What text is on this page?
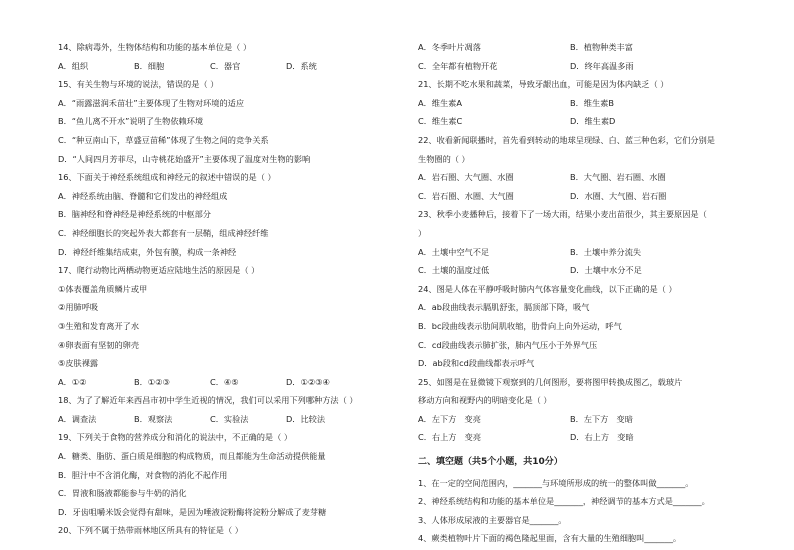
14、除病毒外，生物体结构和功能的基本单位是（ ）
A．组织	B．细胞	C．器官	D．系统
15、有关生物与环境的说法，错误的是（ ）
A．“雨露滋润禾苗壮”主要体现了生物对环境的适应
B．“鱼儿离不开水”说明了生物依赖环境
C．“种豆南山下，草盛豆苗稀”体现了生物之间的竞争关系
D．“人间四月芳菲尽，山寺桃花始盛开”主要体现了温度对生物的影响
16、下面关于神经系统组成和神经元的叙述中错误的是（ ）
A．神经系统由脑、脊髓和它们发出的神经组成
B．脑神经和脊神经是神经系统的中枢部分
C．神经细胞长的突起外表大都套有一层鞘，组成神经纤维
D．神经纤维集结成束，外包有膜，构成一条神经
17、爬行动物比两栖动物更适应陆地生活的原因是（ ）
①体表覆盖角质鳞片或甲
②用肺呼吸
③生殖和发育离开了水
④卵表面有坚韧的卵壳
⑤皮肤裸露
A．①②	B．①②③	C．④⑤	D．①②③④
18、为了了解近年来西昌市初中学生近视的情况，我们可以采用下列哪种方法（ ）
A．调查法	B．观察法	C．实验法	D．比较法
19、下列关于食物的营养成分和消化的说法中，不正确的是（ ）
A．糖类、脂肪、蛋白质是细胞的构成物质，而且都能为生命活动提供能量
B．胆汁中不含消化酶，对食物的消化不起作用
C．胃液和肠液都能参与牛奶的消化
D．牙齿咀嚼米饭会觉得有甜味，是因为唾液淀粉酶将淀粉分解成了麦芽糖
20、下列不属于热带雨林地区所具有的特征是（ ）
A．冬季叶片凋落	B．植物种类丰富
C．全年都有植物开花	D．终年高温多雨
21、长期不吃水果和蔬菜，导致牙龈出血，可能是因为体内缺乏（ ）
A．维生素A	B．维生素B
C．维生素C	D．维生素D
22、收看新闻联播时，首先看到转动的地球呈现绿、白、蓝三种色彩，它们分别是
生物圈的（ ）
A．岩石圈、大气圈、水圈	B．大气圈、岩石圈、水圈
C．岩石圈、水圈、大气圈	D．水圈、大气圈、岩石圈
23、秋季小麦播种后，接着下了一场大雨，结果小麦出苗很少，其主要原因是（
）
A．土壤中空气不足	B．土壤中养分流失
C．土壤的温度过低	D．土壤中水分不足
24、图是人体在平静呼吸时肺内气体容量变化曲线，以下正确的是（ ）
A．ab段曲线表示膈肌舒张，膈顶部下降，吸气
B．bc段曲线表示肋间肌收缩，肋骨向上向外运动，呼气
C．cd段曲线表示肺扩张，肺内气压小于外界气压
D．ab段和cd段曲线都表示呼气
25、如图是在显微镜下观察到的几何图形，要将图甲转换成图乙，载玻片
移动方向和视野内的明暗变化是（ ）
A．左下方　变亮	B．左下方　变暗
C．右上方　变亮	D．右上方　变暗
二、填空题（共5个小题，共10分）
1、在一定的空间范围内，_______与环境所形成的统一的整体叫做_______。
2、神经系统结构和功能的基本单位是_______，神经调节的基本方式是_______。
3、人体形成尿液的主要器官是_______。
4、蕨类植物叶片下面的褐色隆起里面，含有大量的生殖细胞叫_______。
